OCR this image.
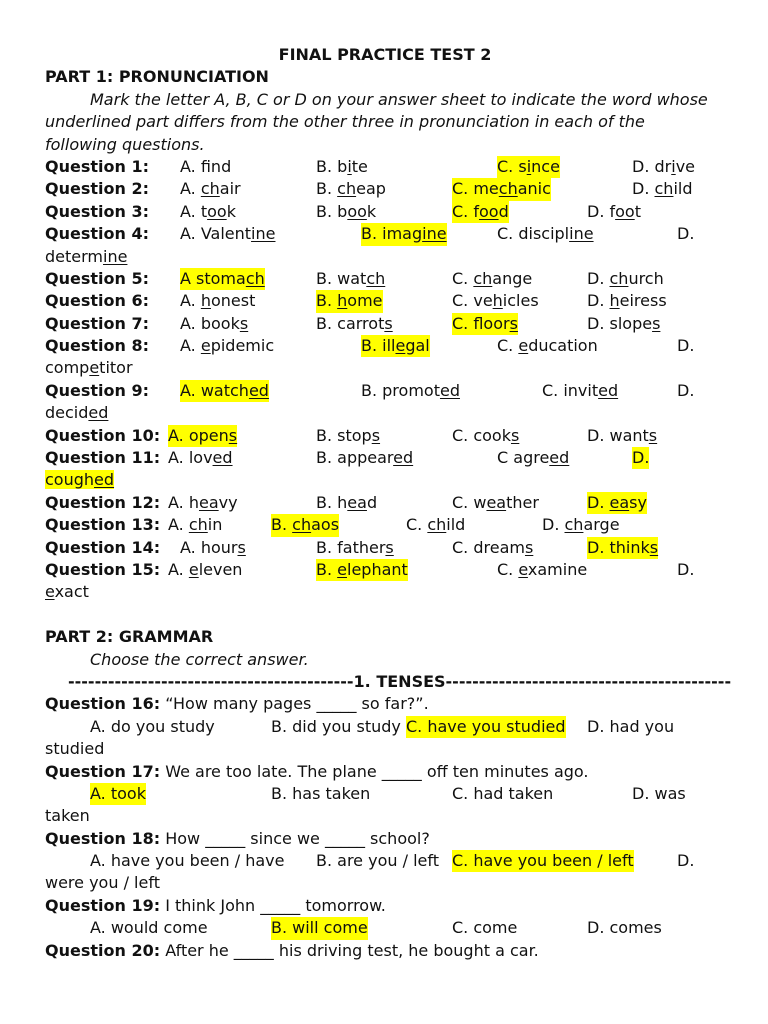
FINAL PRACTICE TEST 2
PART 1: PRONUNCIATION
Mark the letter A, B, C or D on your answer sheet to indicate the word whose
underlined part differs from the other three in pronunciation in each of the
following questions.
Question 1: A. fnd	B. bite	C. since	D. drive
Question 2: A. chair	B. cheap	C. mechanic	D. child
Question 3: A. took	B. book	C. food	D. foot
Question 4: A. Valentine	B. imagine	C. discipline	D.
determine
Question 5: A stomach	B. watch	C. change	D. church
Question 6: A. honest	B. home	C. vehicles	D. heiress
Question 7: A. books	B. carrots	C. floors	D. slopes
Question 8: A. epidemic	B. illegal	C. education	D.
competitor
Question 9: A. watched	B. promoted	C. invited	D.
decided
Question 10: A. opens	B. stops	C. cooks	D. wants
Question 11: A. loved	B. appeared	C agreed	D.
coughed
Question 12: A. heavy	B. head	C. weather	D. easy
Question 13: A. chin	B. chaos	C. child	D. charge
Question 14: A. hours	B. fathers	C. dreams	D. thinks
Question 15: A. eleven	B. elephant	C. examine	D.
exact
PART 2: GRAMMAR
Choose the correct answer.
-------------------------------------------1. TENSES-------------------------------------------
Question 16: “How many pages _____ so far?”.
A. do you study	B. did you study C. have you studied D. had you
studied
Question 17: We are too late. The plane _____ off ten minutes ago.
A. took	B. has taken	C. had taken	D. was
taken
Question 18: How _____ since we _____ school?
A. have you been / have B. are you / left C. have you been / left	D.
were you / left
Question 19: I think John _____ tomorrow.
A. would come	B. will come	C. come	D. comes
Question 20: After he _____ his driving test, he bought a car.
